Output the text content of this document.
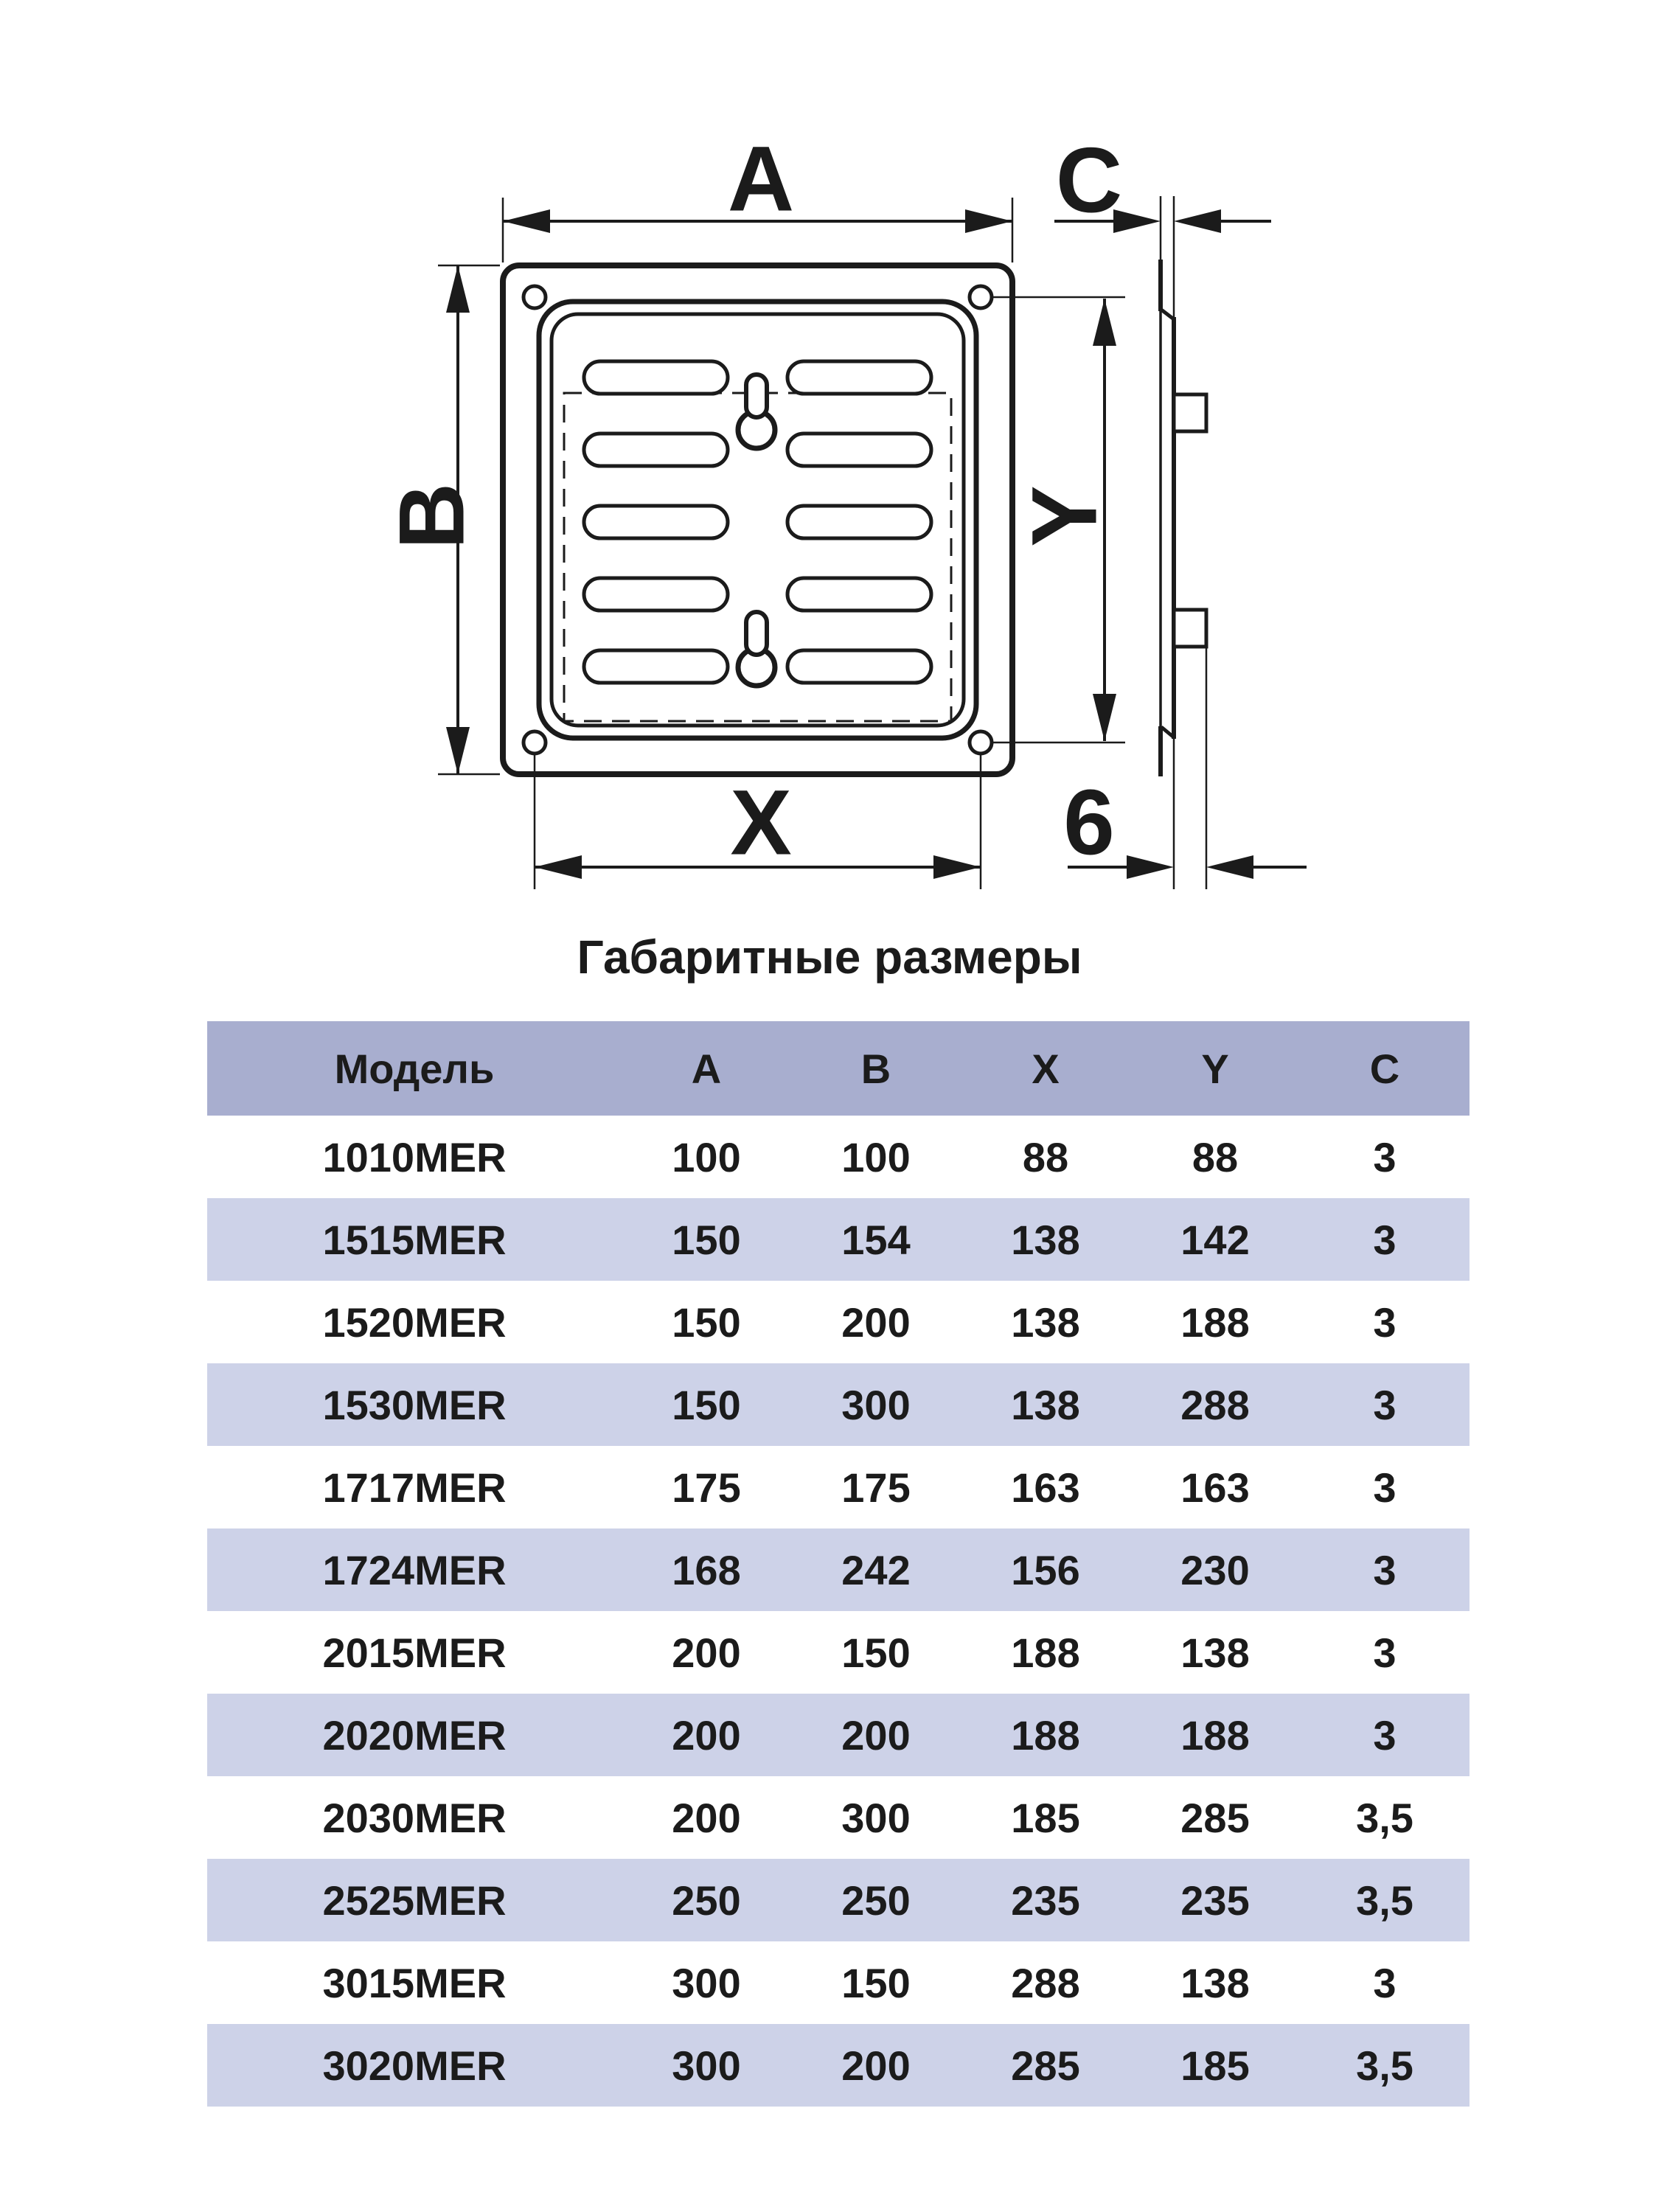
A	C
B	Y
X	6
Габаритные размеры
Модель	A	B	X	Y	C
1010MER	100	100	88	88	3
1515MER	150	154	138	142	3
1520MER	150	200	138	188	3
1530MER	150	300	138	288	3
1717MER	175	175	163	163	3
1724MER	168	242	156	230	3
2015MER	200	150	188	138	3
2020MER	200	200	188	188	3
2030MER	200	300	185	285	3,5
2525MER	250	250	235	235	3,5
3015MER	300	150	288	138	3
3020MER	300	200	285	185	3,5
